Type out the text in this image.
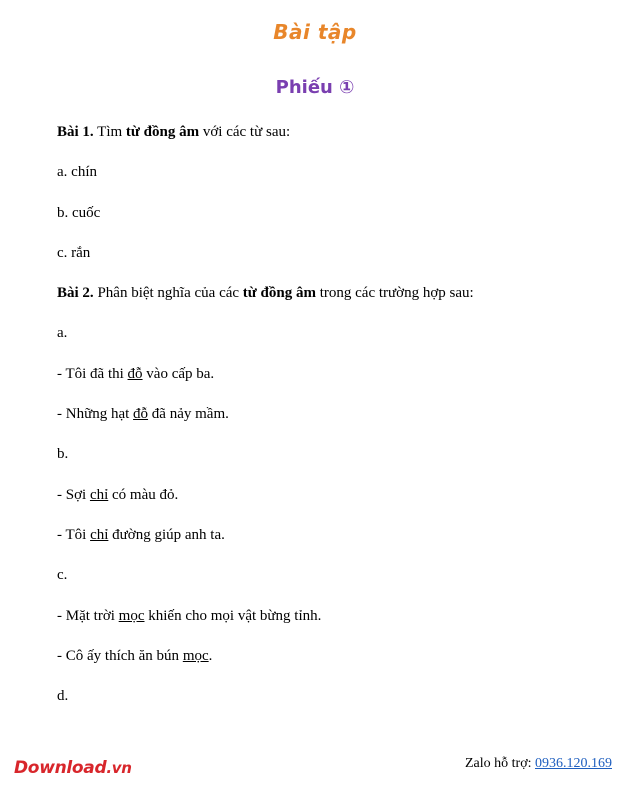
Bài tập
Phiếu ①
Bài 1. Tìm từ đồng âm với các từ sau:
a. chín
b. cuốc
c. rắn
Bài 2. Phân biệt nghĩa của các từ đồng âm trong các trường hợp sau:
a.
- Tôi đã thi đỗ vào cấp ba.
- Những hạt đỗ đã nảy mầm.
b.
- Sợi chỉ có màu đỏ.
- Tôi chỉ đường giúp anh ta.
c.
- Mặt trời mọc khiến cho mọi vật bừng tỉnh.
- Cô ấy thích ăn bún mọc.
d.
Download.vn	Zalo hỗ trợ: 0936.120.169
